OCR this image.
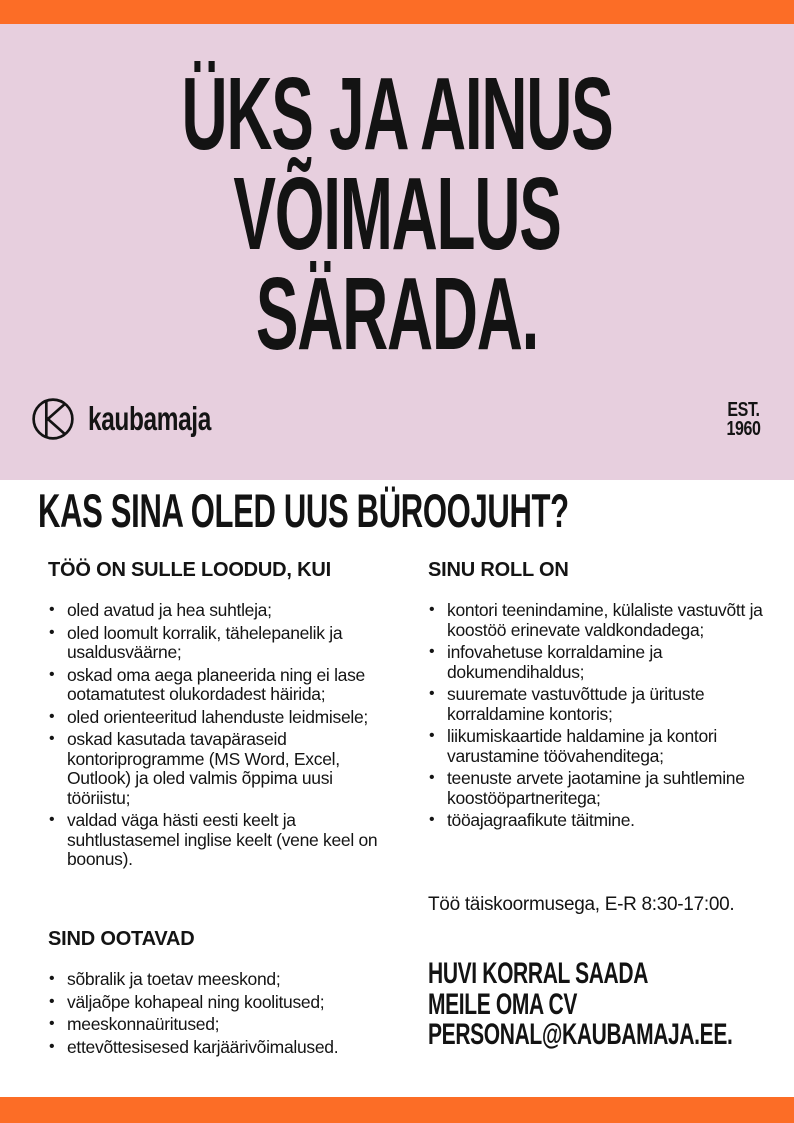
ÜKS JA AINUS
VÕIMALUS
SÄRADA.
kaubamaja	EST.
1960
KAS SINA OLED UUS BÜROOJUHT?
TÖÖ ON SULLE LOODUD, KUI
• oled avatud ja hea suhtleja;
• oled loomult korralik, tähelepanelik ja usaldusväärne;
• oskad oma aega planeerida ning ei lase ootamatutest olukordadest häirida;
• oled orienteeritud lahenduste leidmisele;
• oskad kasutada tavapäraseid kontoriprogramme (MS Word, Excel, Outlook) ja oled valmis õppima uusi tööriistu;
• valdad väga hästi eesti keelt ja suhtlustasemel inglise keelt (vene keel on boonus).
SIND OOTAVAD
• sõbralik ja toetav meeskond;
• väljaõpe kohapeal ning koolitused;
• meeskonnaüritused;
• ettevõttesisesed karjäärivõimalused.
SINU ROLL ON
• kontori teenindamine, külaliste vastuvõtt ja koostöö erinevate valdkondadega;
• infovahetuse korraldamine ja dokumendihaldus;
• suuremate vastuvõttude ja ürituste korraldamine kontoris;
• liikumiskaartide haldamine ja kontori varustamine töövahenditega;
• teenuste arvete jaotamine ja suhtlemine koostööpartneritega;
• tööajagraafikute täitmine.

Töö täiskoormusega, E-R 8:30-17:00.

HUVI KORRAL SAADA
MEILE OMA CV
PERSONAL@KAUBAMAJA.EE.
